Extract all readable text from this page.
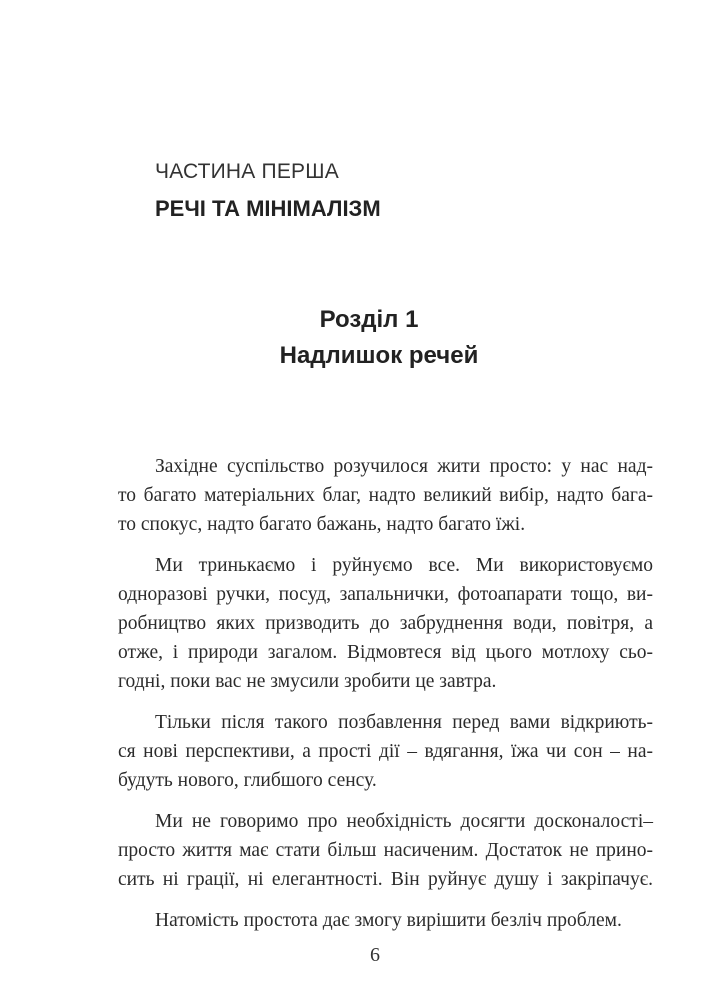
ЧАСТИНА ПЕРША
РЕЧІ ТА МІНІМАЛІЗМ
Розділ 1
Надлишок речей
Західне суспільство розучилося жити просто: у нас над-
то багато матеріальних благ, надто великий вибір, надто бага-
то спокус, надто багато бажань, надто багато їжі.
Ми тринькаємо і руйнуємо все. Ми використовуємо
одноразові ручки, посуд, запальнички, фотоапарати тощо, ви-
робництво яких призводить до забруднення води, повітря, а
отже, і природи загалом. Відмовтеся від цього мотлоху сьо-
годні, поки вас не змусили зробити це завтра.
Тільки після такого позбавлення перед вами відкриють-
ся нові перспективи, а прості дії – вдягання, їжа чи сон – на-
будуть нового, глибшого сенсу.
Ми не говоримо про необхідність досягти досконалості–
просто життя має стати більш насиченим. Достаток не прино-
сить ні грації, ні елегантності. Він руйнує душу і закріпачує.
Натомість простота дає змогу вирішити безліч проблем.
6
